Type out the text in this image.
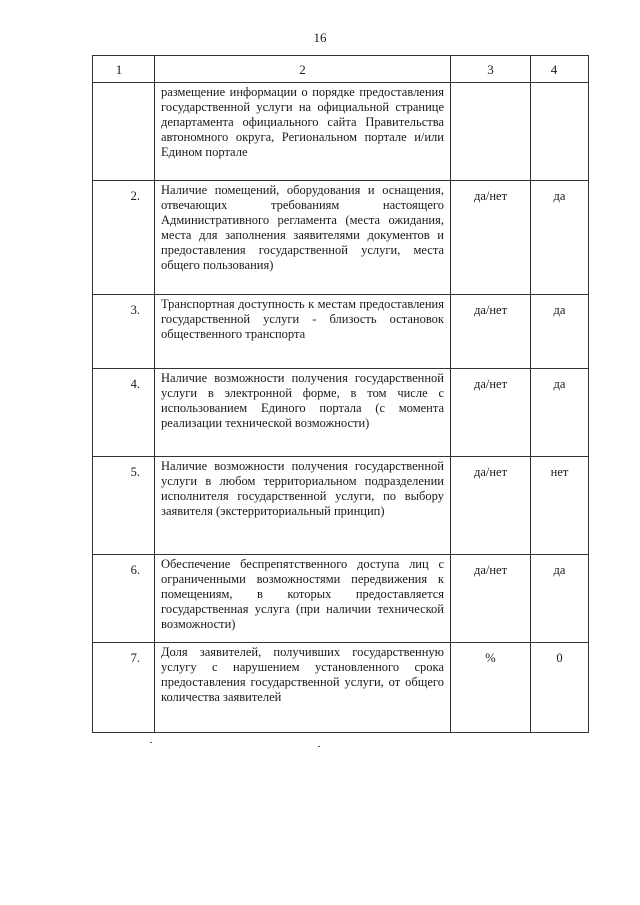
16
1	2	3	4
	размещение информации о порядке предоставления государственной услуги на официальной странице департамента официального сайта Правительства автономного округа, Региональном портале и/или Едином портале		
2.	Наличие помещений, оборудования и оснащения, отвечающих требованиям настоящего Административного регламента (места ожидания, места для заполнения заявителями документов и предоставления государственной услуги, места общего пользования)	да/нет	да
3.	Транспортная доступность к местам предоставления государственной услуги - близость остановок общественного транспорта	да/нет	да
4.	Наличие возможности получения государственной услуги в электронной форме, в том числе с использованием Единого портала (с момента реализации технической возможности)	да/нет	да
5.	Наличие возможности получения государственной услуги в любом территориальном подразделении исполнителя государственной услуги, по выбору заявителя (экстерриториальный принцип)	да/нет	нет
6.	Обеспечение беспрепятственного доступа лиц с ограниченными возможностями передвижения к помещениям, в которых предоставляется государственная услуга (при наличии технической возможности)	да/нет	да
7.	Доля заявителей, получивших государственную услугу с нарушением установленного срока предоставления государственной услуги, от общего количества заявителей	%	0
